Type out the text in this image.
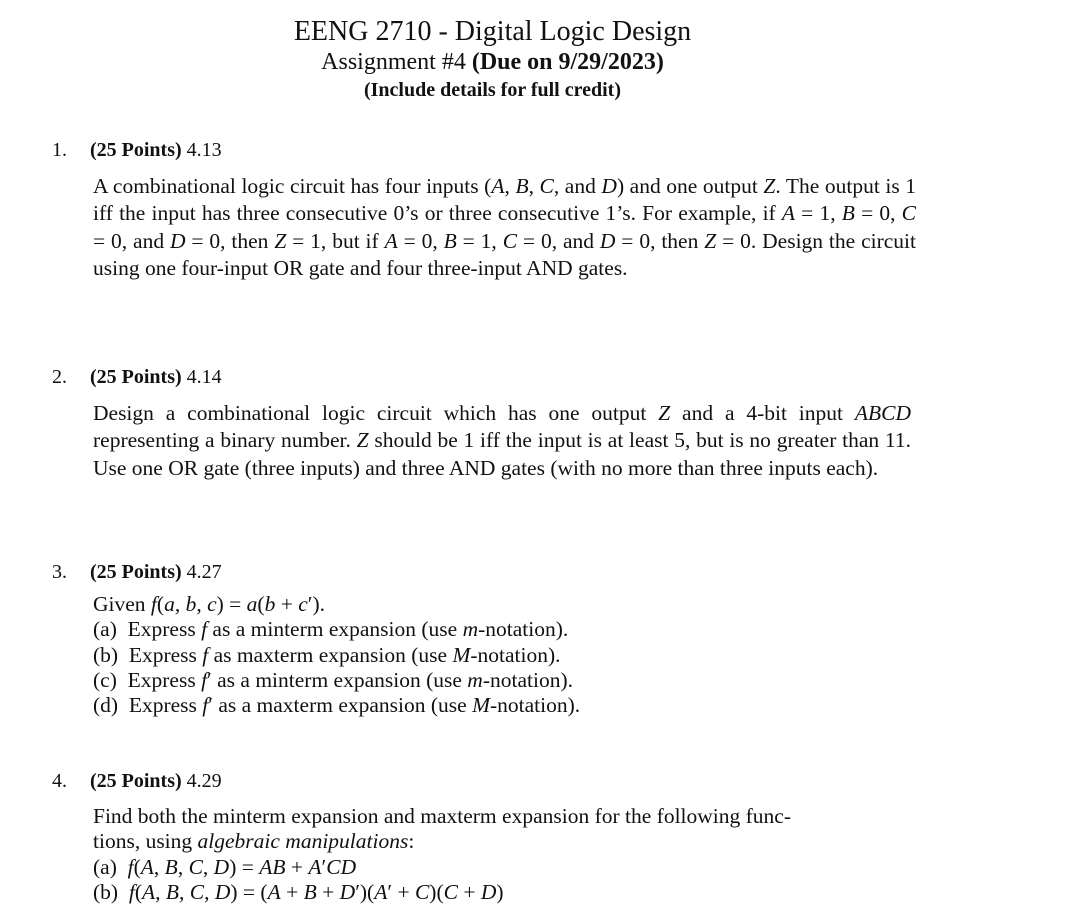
EENG 2710 - Digital Logic Design
Assignment #4 (Due on 9/29/2023)
(Include details for full credit)
1. (25 Points) 4.13
A combinational logic circuit has four inputs (A, B, C, and D) and one output Z. The output is 1 iff the input has three consecutive 0’s or three consecutive 1’s. For example, if A = 1, B = 0, C = 0, and D = 0, then Z = 1, but if A = 0, B = 1, C = 0, and D = 0, then Z = 0. Design the circuit using one four-input OR gate and four three-input AND gates.
2. (25 Points) 4.14
Design a combinational logic circuit which has one output Z and a 4-bit input ABCD representing a binary number. Z should be 1 iff the input is at least 5, but is no greater than 11. Use one OR gate (three inputs) and three AND gates (with no more than three inputs each).
3. (25 Points) 4.27
Given f(a, b, c) = a(b + c′).
(a)  Express f as a minterm expansion (use m-notation).
(b)  Express f as maxterm expansion (use M-notation).
(c)  Express f′ as a minterm expansion (use m-notation).
(d)  Express f′ as a maxterm expansion (use M-notation).
4. (25 Points) 4.29
Find both the minterm expansion and maxterm expansion for the following func-
tions, using algebraic manipulations:
(a)  f(A, B, C, D) = AB + A′CD
(b)  f(A, B, C, D) = (A + B + D′)(A′ + C)(C + D)
